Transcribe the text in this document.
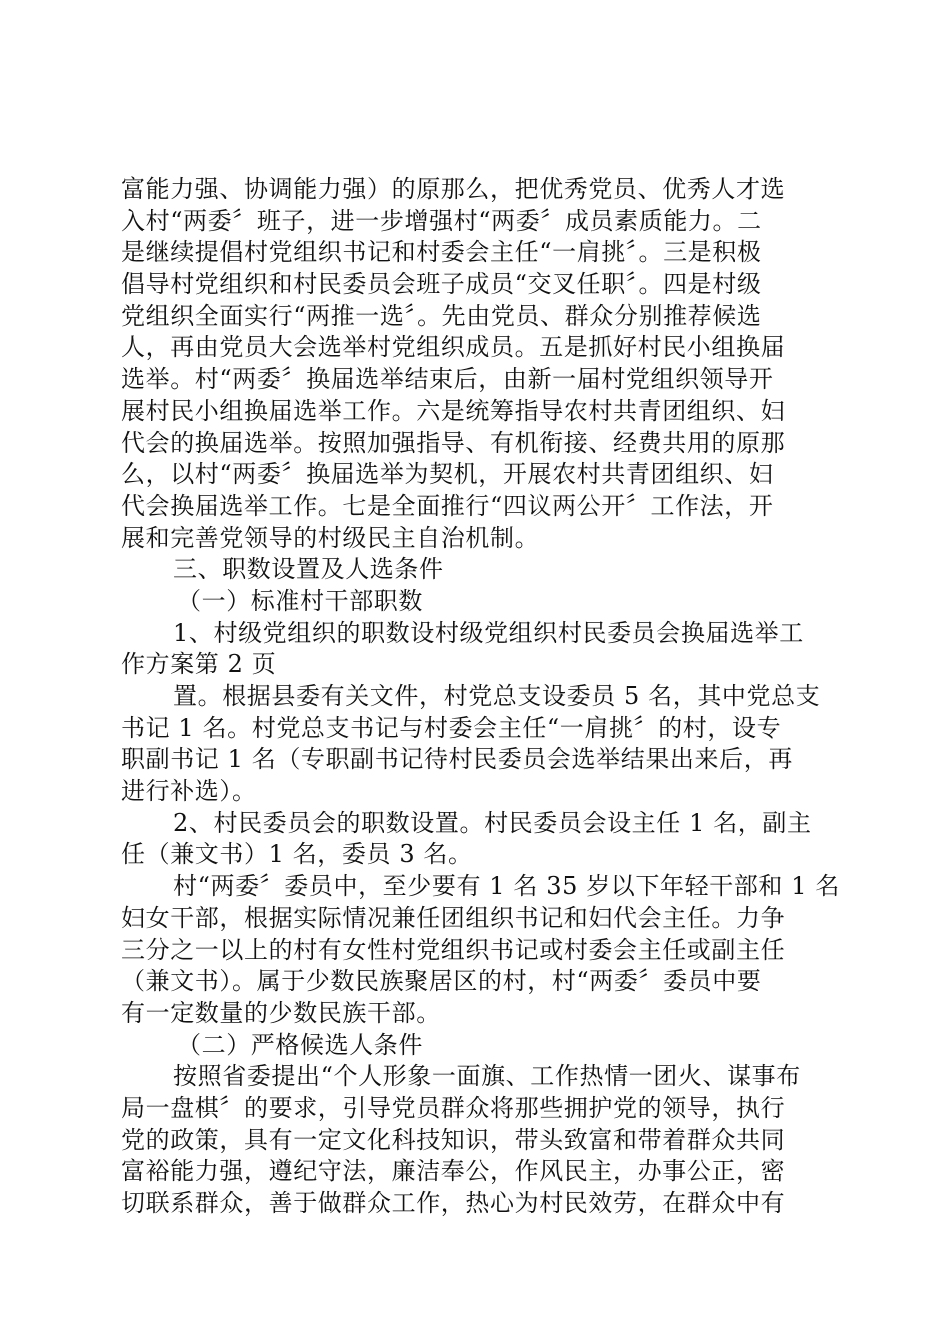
富能力强、协调能力强）的原那么，把优秀党员、优秀人才选
入村“两委〞班子，进一步增强村“两委〞成员素质能力。二
是继续提倡村党组织书记和村委会主任“一肩挑〞。三是积极
倡导村党组织和村民委员会班子成员“交叉任职〞。四是村级
党组织全面实行“两推一选〞。先由党员、群众分别推荐候选
人，再由党员大会选举村党组织成员。五是抓好村民小组换届
选举。村“两委〞换届选举结束后，由新一届村党组织领导开
展村民小组换届选举工作。六是统筹指导农村共青团组织、妇
代会的换届选举。按照加强指导、有机衔接、经费共用的原那
么，以村“两委〞换届选举为契机，开展农村共青团组织、妇
代会换届选举工作。七是全面推行“四议两公开〞工作法，开
展和完善党领导的村级民主自治机制。
三、职数设置及人选条件
（一）标准村干部职数
1、村级党组织的职数设村级党组织村民委员会换届选举工
作方案第 2 页
置。根据县委有关文件，村党总支设委员 5 名，其中党总支
书记 1 名。村党总支书记与村委会主任“一肩挑〞的村，设专
职副书记 1 名（专职副书记待村民委员会选举结果出来后，再
进行补选）。
2、村民委员会的职数设置。村民委员会设主任 1 名，副主
任（兼文书）1 名，委员 3 名。
村“两委〞委员中，至少要有 1 名 35 岁以下年轻干部和 1 名
妇女干部，根据实际情况兼任团组织书记和妇代会主任。力争
三分之一以上的村有女性村党组织书记或村委会主任或副主任
（兼文书）。属于少数民族聚居区的村，村“两委〞委员中要
有一定数量的少数民族干部。
（二）严格候选人条件
按照省委提出“个人形象一面旗、工作热情一团火、谋事布
局一盘棋〞的要求，引导党员群众将那些拥护党的领导，执行
党的政策，具有一定文化科技知识，带头致富和带着群众共同
富裕能力强，遵纪守法，廉洁奉公，作风民主，办事公正，密
切联系群众，善于做群众工作，热心为村民效劳，在群众中有
